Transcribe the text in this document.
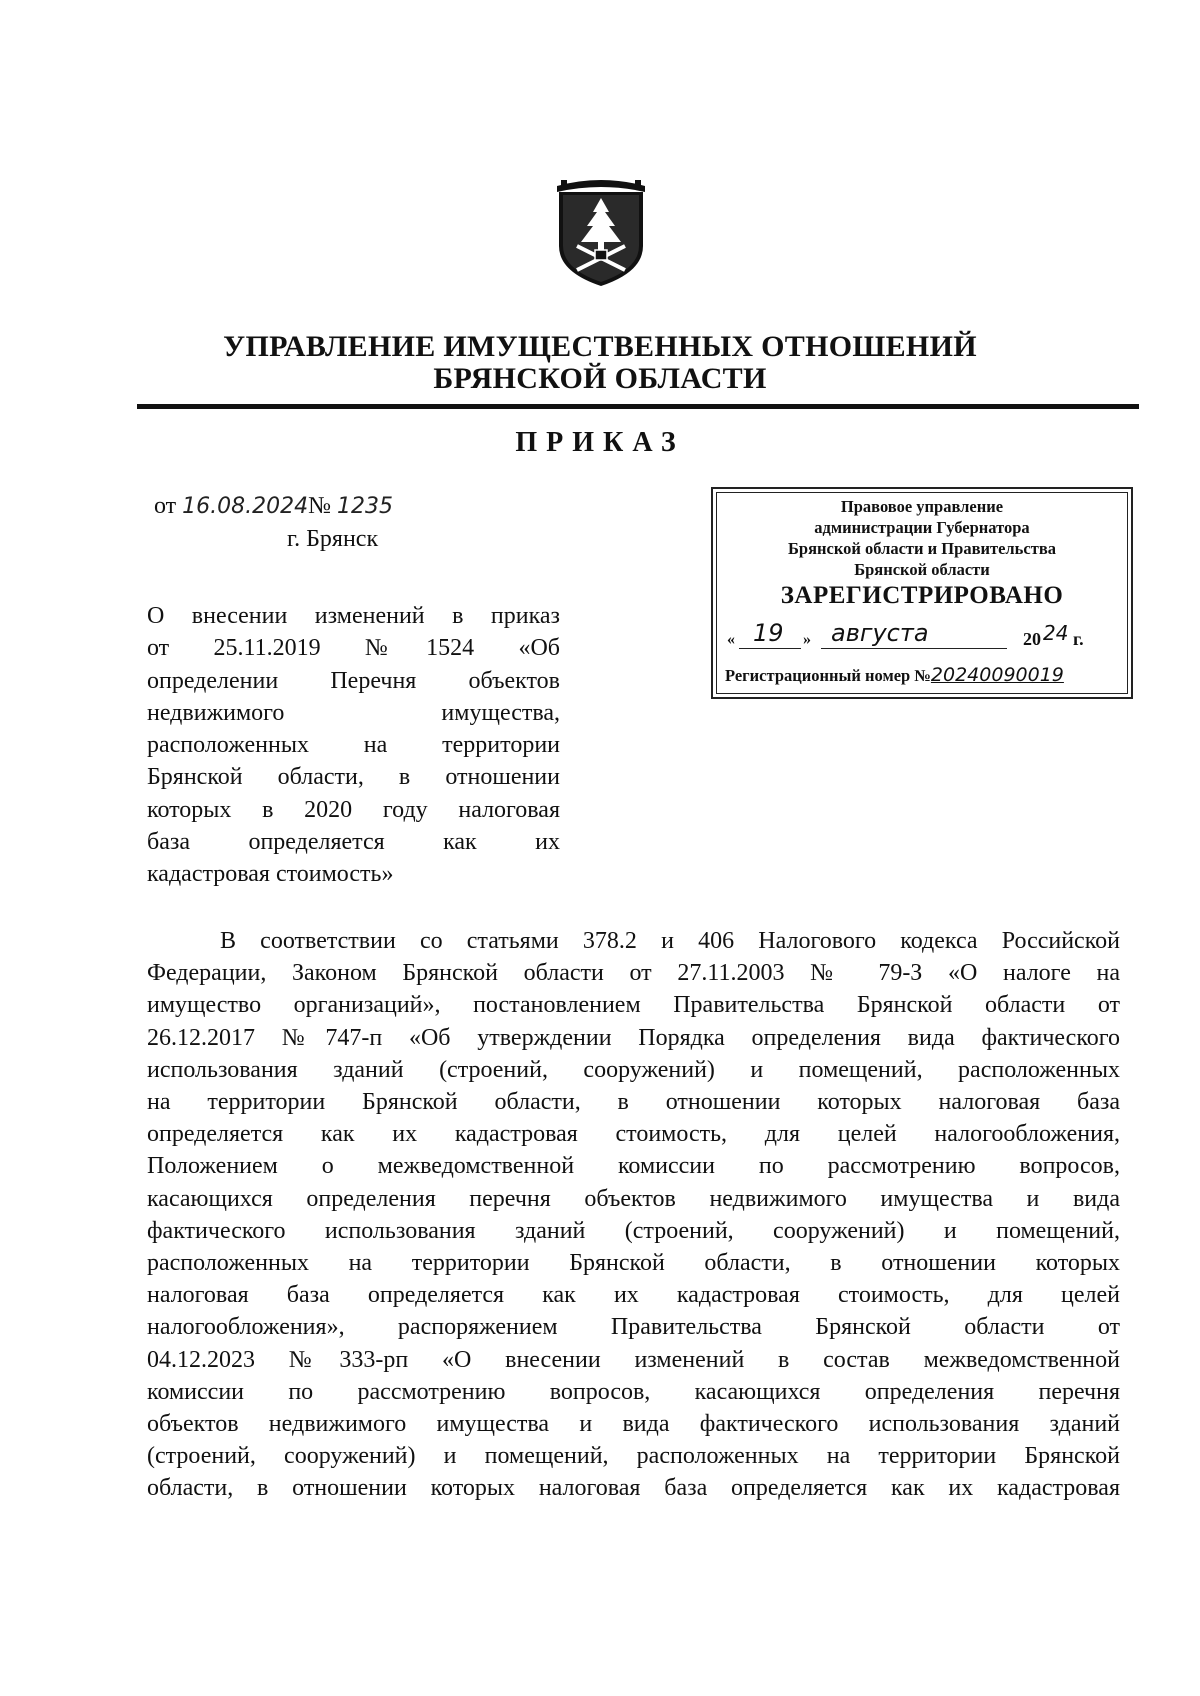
УПРАВЛЕНИЕ ИМУЩЕСТВЕННЫХ ОТНОШЕНИЙ
БРЯНСКОЙ ОБЛАСТИ
ПРИКАЗ
от 16.08.2024№ 1235
г. Брянск
Правовое управление
администрации Губернатора
Брянской области и Правительства
Брянской области
ЗАРЕГИСТРИРОВАНО
« 19 » августа	20 24 г.
Регистрационный номер №20240090019
О внесении изменений в приказ
от 25.11.2019 №1524 «Об
определении Перечня объектов
недвижимого имущества,
расположенных на территории
Брянской области, в отношении
которых в 2020 году налоговая
база определяется как их
кадастровая стоимость»
В соответствии со статьями 378.2 и 406 Налогового кодекса Российской
Федерации, Законом Брянской области от 27.11.2003 № 79-З «О налоге на
имущество организаций», постановлением Правительства Брянской области от
26.12.2017 №747-п «Об утверждении Порядка определения вида фактического
использования зданий (строений, сооружений) и помещений, расположенных
на территории Брянской области, в отношении которых налоговая база
определяется как их кадастровая стоимость, для целей налогообложения,
Положением о межведомственной комиссии по рассмотрению вопросов,
касающихся определения перечня объектов недвижимого имущества и вида
фактического использования зданий (строений, сооружений) и помещений,
расположенных на территории Брянской области, в отношении которых
налоговая база определяется как их кадастровая стоимость, для целей
налогообложения», распоряжением Правительства Брянской области от
04.12.2023 №333-рп «О внесении изменений в состав межведомственной
комиссии по рассмотрению вопросов, касающихся определения перечня
объектов недвижимого имущества и вида фактического использования зданий
(строений, сооружений) и помещений, расположенных на территории Брянской
области, в отношении которых налоговая база определяется как их кадастровая
